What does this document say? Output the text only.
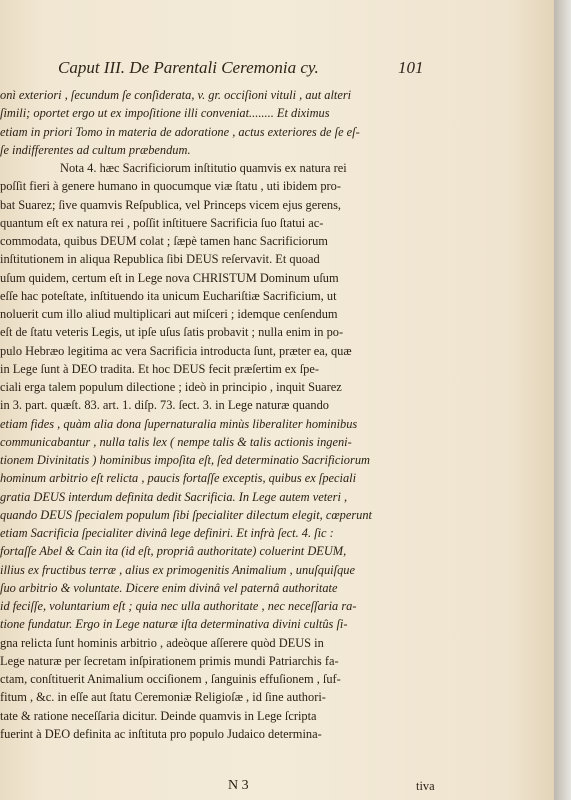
Caput III. De Parentali Ceremonia cy.	101
onì exteriori , ſecundum ſe conſiderata, v. gr. occiſioni vituli , aut alteri
ſimili; oportet ergo ut ex impoſitione illi conveniat........ Et diximus
etiam in priori Tomo in materia de adoratione , actus exteriores de ſe eſ-
ſe indifferentes ad cultum præbendum.
Nota 4. hæc Sacrificiorum inſtitutio quamvis ex natura rei
poſſit fieri à genere humano in quocumque viæ ſtatu , uti ibidem pro-
bat Suarez; ſive quamvis Reſpublica, vel Princeps vicem ejus gerens,
quantum eſt ex natura rei , poſſit inſtituere Sacrificia ſuo ſtatui ac-
commodata, quibus DEUM colat ; ſæpè tamen hanc Sacrificiorum
inſtitutionem in aliqua Republica ſibi DEUS reſervavit. Et quoad
uſum quidem, certum eſt in Lege nova CHRISTUM Dominum uſum
eſſe hac poteſtate, inſtituendo ita unicum Euchariſtiæ Sacrificium, ut
noluerit cum illo aliud multiplicari aut miſceri ; idemque cenſendum
eſt de ſtatu veteris Legis, ut ipſe uſus ſatis probavit ; nulla enim in po-
pulo Hebræo legitima ac vera Sacrificia introducta ſunt, præter ea, quæ
in Lege ſunt à DEO tradita. Et hoc DEUS fecit præſertim ex ſpe-
ciali erga talem populum dilectione ; ideò in principio , inquit Suarez
in 3. part. quæſt. 83. art. 1. diſp. 73. ſect. 3. in Lege naturæ quando
etiam fides , quàm alia dona ſupernaturalia minùs liberaliter hominibus
communicabantur , nulla talis lex ( nempe talis & talis actionis ingeni-
tionem Divinitatis ) hominibus impoſita eſt, ſed determinatio Sacrificiorum
hominum arbitrio eſt relicta , paucis fortaſſe exceptis, quibus ex ſpeciali
gratia DEUS interdum definita dedit Sacrificia. In Lege autem veteri ,
quando DEUS ſpecialem populum ſibi ſpecialiter dilectum elegit, cœperunt
etiam Sacrificia ſpecialiter divinâ lege definiri. Et infrà ſect. 4. ſic :
fortaſſe Abel & Cain ita (id eſt, propriâ authoritate) coluerint DEUM,
illius ex fructibus terræ , alius ex primogenitis Animalium , unuſquiſque
ſuo arbitrio & voluntate. Dicere enim divinâ vel paternâ authoritate
id feciſſe, voluntarium eſt ; quia nec ulla authoritate , nec neceſſaria ra-
tione fundatur. Ergo in Lege naturæ iſta determinativa divini cultûs ſi-
gna relicta ſunt hominis arbitrio , adeòque aſſerere quòd DEUS in
Lege naturæ per ſecretam inſpirationem primis mundi Patriarchis fa-
ctam, conſtituerit Animalium occiſionem , ſanguinis effuſionem , ſuf-
fitum , &c. in eſſe aut ſtatu Ceremoniæ Religioſæ , id ſine authori-
tate & ratione neceſſaria dicitur. Deinde quamvis in Lege ſcripta
fuerint à DEO definita ac inſtituta pro populo Judaico determina-
N 3	tiva
